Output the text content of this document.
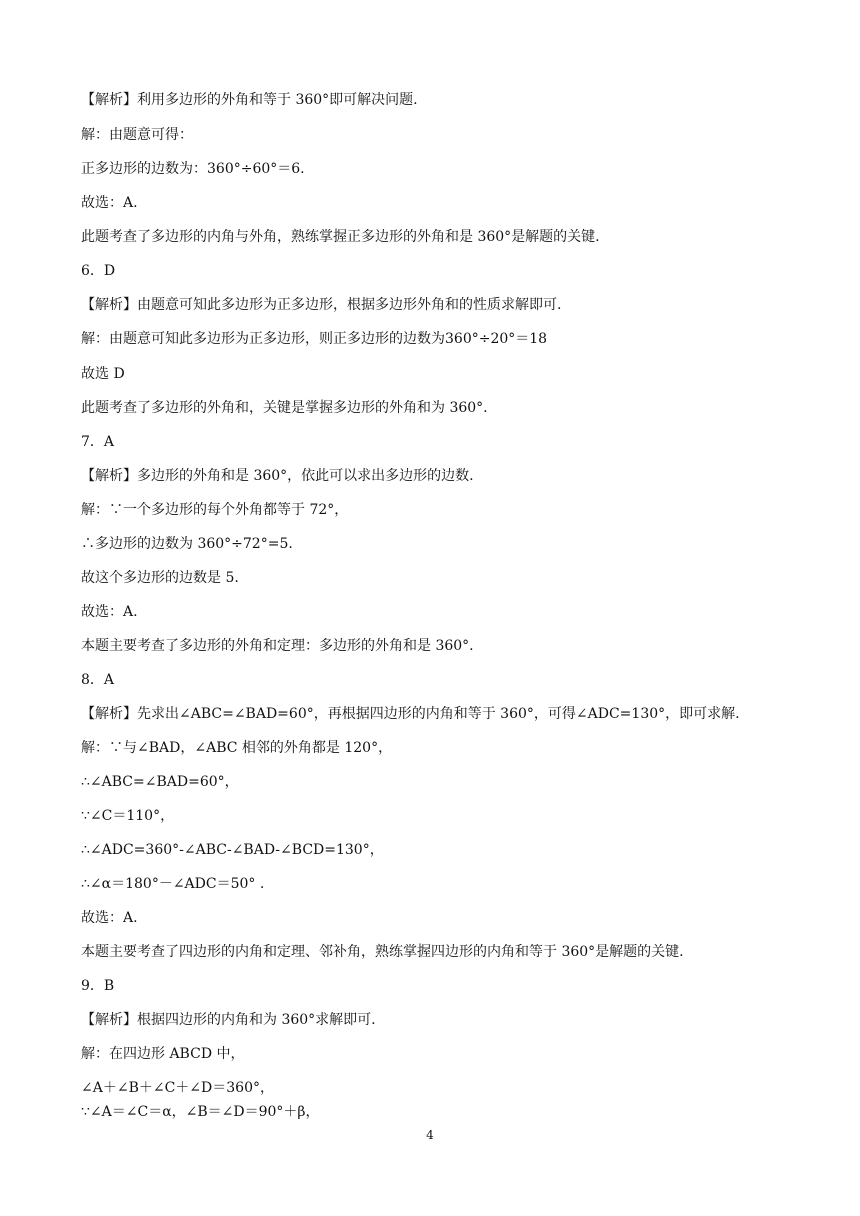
【解析】利用多边形的外角和等于 360°即可解决问题.
解：由题意可得：
正多边形的边数为：360°÷60°＝6.
故选：A.
此题考查了多边形的内角与外角，熟练掌握正多边形的外角和是 360°是解题的关键.
6．D
【解析】由题意可知此多边形为正多边形，根据多边形外角和的性质求解即可.
解：由题意可知此多边形为正多边形，则正多边形的边数为360°÷20°＝18
故选 D
此题考查了多边形的外角和，关键是掌握多边形的外角和为 360°.
7．A
【解析】多边形的外角和是 360°，依此可以求出多边形的边数.
解：∵一个多边形的每个外角都等于 72°，
∴多边形的边数为 360°÷72°=5.
故这个多边形的边数是 5.
故选：A.
本题主要考查了多边形的外角和定理：多边形的外角和是 360°.
8．A
【解析】先求出∠ABC=∠BAD=60°，再根据四边形的内角和等于 360°，可得∠ADC=130°，即可求解.
解：∵与∠BAD，∠ABC 相邻的外角都是 120°，
∴∠ABC=∠BAD=60°，
∵∠C＝110°，
∴∠ADC=360°-∠ABC-∠BAD-∠BCD=130°，
∴∠α＝180°－∠ADC＝50° .
故选：A.
本题主要考查了四边形的内角和定理、邻补角，熟练掌握四边形的内角和等于 360°是解题的关键.
9．B
【解析】根据四边形的内角和为 360°求解即可.
解：在四边形 ABCD 中，
∠A＋∠B＋∠C＋∠D＝360°，
∵∠A＝∠C＝α，∠B＝∠D＝90°＋β，
4
